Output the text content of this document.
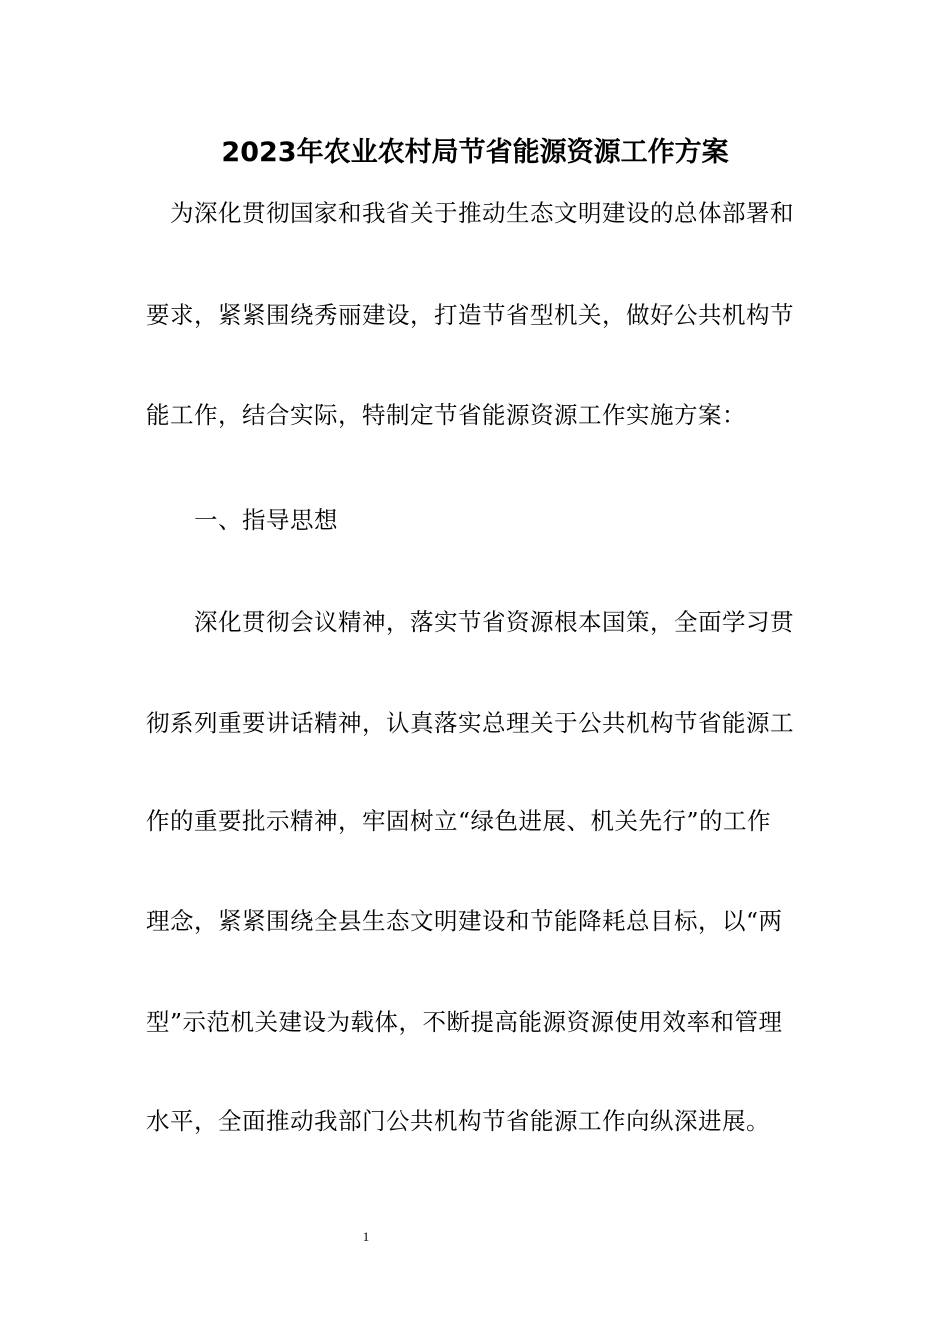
2023年农业农村局节省能源资源工作方案
为深化贯彻国家和我省关于推动生态文明建设的总体部署和
要求，紧紧围绕秀丽建设，打造节省型机关，做好公共机构节
能工作，结合实际，特制定节省能源资源工作实施方案：
一、指导思想
深化贯彻会议精神，落实节省资源根本国策，全面学习贯
彻系列重要讲话精神，认真落实总理关于公共机构节省能源工
作的重要批示精神，牢固树立“绿色进展、机关先行”的工作
理念，紧紧围绕全县生态文明建设和节能降耗总目标，以“两
型”示范机关建设为载体，不断提高能源资源使用效率和管理
水平，全面推动我部门公共机构节省能源工作向纵深进展。
1
